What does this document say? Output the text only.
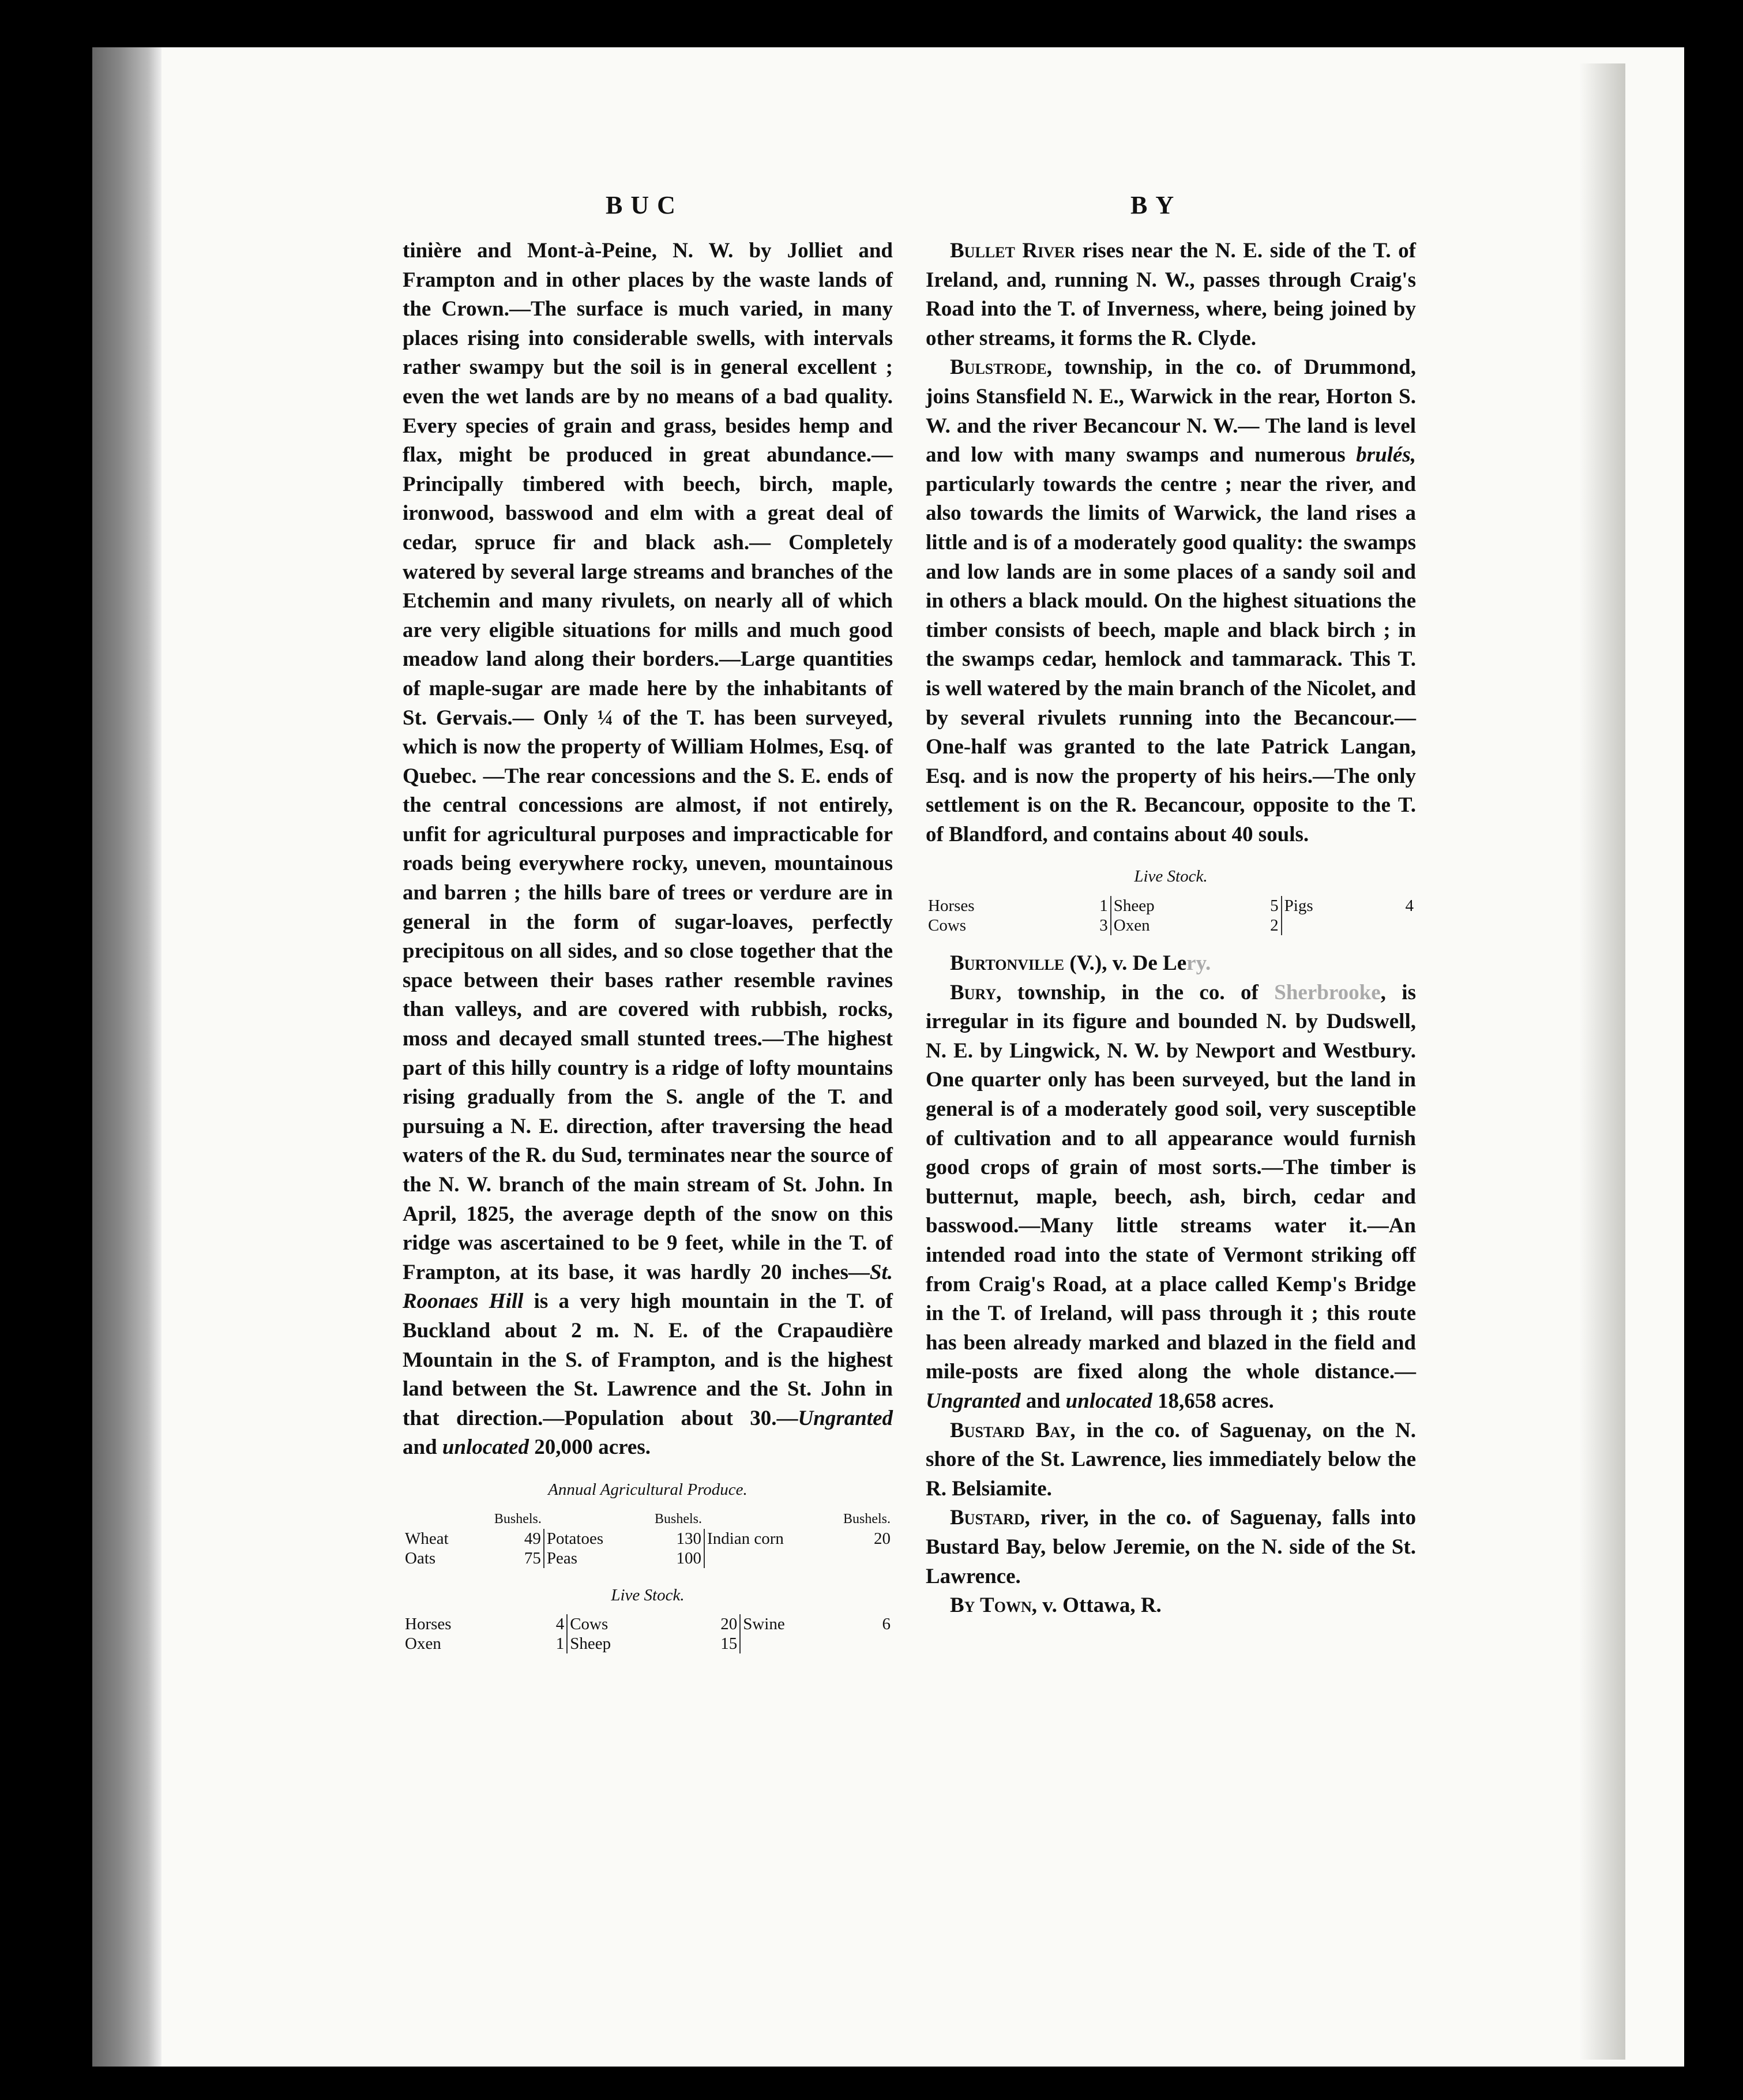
BUC	BY

tinière and Mont-à-Peine, N. W. by Jolliet and Frampton and in other places by the waste lands of the Crown.—The surface is much varied, in many places rising into considerable swells, with intervals rather swampy but the soil is in general excellent ; even the wet lands are by no means of a bad quality. Every species of grain and grass, besides hemp and flax, might be produced in great abundance.— Principally timbered with beech, birch, maple, ironwood, basswood and elm with a great deal of cedar, spruce fir and black ash.— Completely watered by several large streams and branches of the Etchemin and many rivulets, on nearly all of which are very eligible situations for mills and much good meadow land along their borders.—Large quantities of maple-sugar are made here by the inhabitants of St. Gervais.— Only ¼ of the T. has been surveyed, which is now the property of William Holmes, Esq. of Quebec. —The rear concessions and the S. E. ends of the central concessions are almost, if not entirely, unfit for agricultural purposes and impracticable for roads being everywhere rocky, uneven, mountainous and barren ; the hills bare of trees or verdure are in general in the form of sugar-loaves, perfectly precipitous on all sides, and so close together that the space between their bases rather resemble ravines than valleys, and are covered with rubbish, rocks, moss and decayed small stunted trees.—The highest part of this hilly country is a ridge of lofty mountains rising gradually from the S. angle of the T. and pursuing a N. E. direction, after traversing the head waters of the R. du Sud, terminates near the source of the N. W. branch of the main stream of St. John. In April, 1825, the average depth of the snow on this ridge was ascertained to be 9 feet, while in the T. of Frampton, at its base, it was hardly 20 inches—St. Roonaes Hill is a very high mountain in the T. of Buckland about 2 m. N. E. of the Crapaudière Mountain in the S. of Frampton, and is the highest land between the St. Lawrence and the St. John in that direction.—Population about 30.—Ungranted and unlocated 20,000 acres.

Annual Agricultural Produce.
	Bushels.		Bushels.		Bushels.
Wheat	49	Potatoes	130	Indian corn	20
Oats	75	Peas	100		
Live Stock.
Horses	4	Cows	20	Swine	6
Oxen	1	Sheep	15		

Bullet River rises near the N. E. side of the T. of Ireland, and, running N. W., passes through Craig's Road into the T. of Inverness, where, being joined by other streams, it forms the R. Clyde.

Bulstrode, township, in the co. of Drummond, joins Stansfield N. E., Warwick in the rear, Horton S. W. and the river Becancour N. W.— The land is level and low with many swamps and numerous brulés, particularly towards the centre ; near the river, and also towards the limits of Warwick, the land rises a little and is of a moderately good quality: the swamps and low lands are in some places of a sandy soil and in others a black mould. On the highest situations the timber consists of beech, maple and black birch ; in the swamps cedar, hemlock and tammarack. This T. is well watered by the main branch of the Nicolet, and by several rivulets running into the Becancour.—One-half was granted to the late Patrick Langan, Esq. and is now the property of his heirs.—The only settlement is on the R. Becancour, opposite to the T. of Blandford, and contains about 40 souls.

Live Stock.
Horses	1	Sheep	5	Pigs	4
Cows	3	Oxen	2		

Burtonville (V.), v. De Lery.

Bury, township, in the co. of Sherbrooke, is irregular in its figure and bounded N. by Dudswell, N. E. by Lingwick, N. W. by Newport and Westbury. One quarter only has been surveyed, but the land in general is of a moderately good soil, very susceptible of cultivation and to all appearance would furnish good crops of grain of most sorts.—The timber is butternut, maple, beech, ash, birch, cedar and basswood.—Many little streams water it.—An intended road into the state of Vermont striking off from Craig's Road, at a place called Kemp's Bridge in the T. of Ireland, will pass through it ; this route has been already marked and blazed in the field and mile-posts are fixed along the whole distance.—Ungranted and unlocated 18,658 acres.

Bustard Bay, in the co. of Saguenay, on the N. shore of the St. Lawrence, lies immediately below the R. Belsiamite.

Bustard, river, in the co. of Saguenay, falls into Bustard Bay, below Jeremie, on the N. side of the St. Lawrence.

By Town, v. Ottawa, R.
